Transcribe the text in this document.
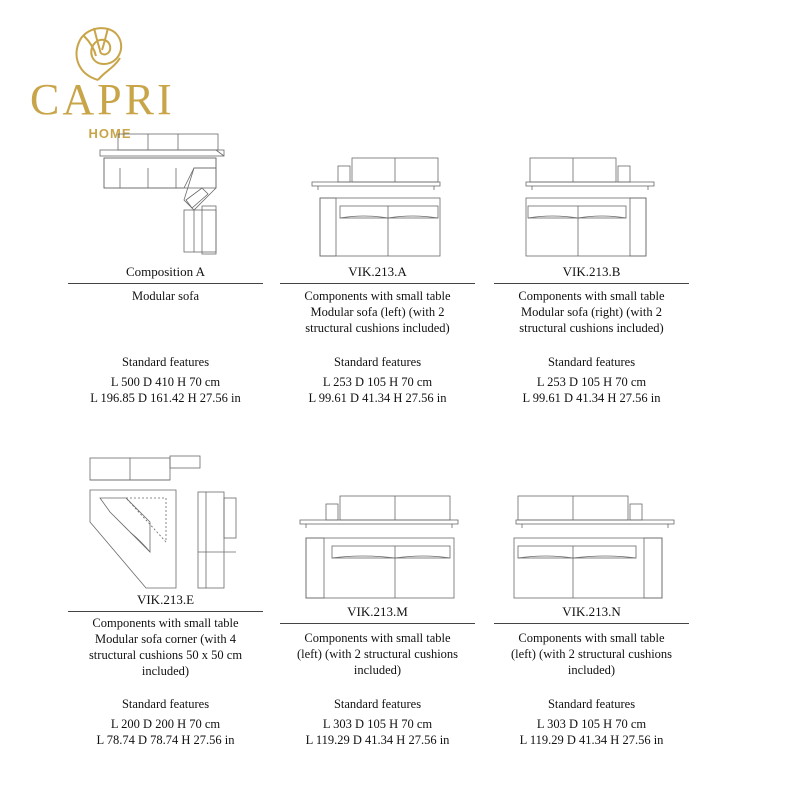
CAPRI
HOME
Composition A
Modular sofa
Standard features
L 500 D 410 H 70 cm
L 196.85 D 161.42 H 27.56 in
VIK.213.A
Components with small table
Modular sofa (left) (with 2
structural cushions included)
Standard features
L 253 D 105 H 70 cm
L 99.61 D 41.34 H 27.56 in
VIK.213.B
Components with small table
Modular sofa (right) (with 2
structural cushions included)
Standard features
L 253 D 105 H 70 cm
L 99.61 D 41.34 H 27.56 in
VIK.213.E
Components with small table
Modular sofa corner (with 4
structural cushions 50 x 50 cm
included)
Standard features
L 200 D 200 H 70 cm
L 78.74 D 78.74 H 27.56 in
VIK.213.M
Components with small table
(left) (with 2 structural cushions
included)
Standard features
L 303 D 105 H 70 cm
L 119.29 D 41.34 H 27.56 in
VIK.213.N
Components with small table
(left) (with 2 structural cushions
included)
Standard features
L 303 D 105 H 70 cm
L 119.29 D 41.34 H 27.56 in
